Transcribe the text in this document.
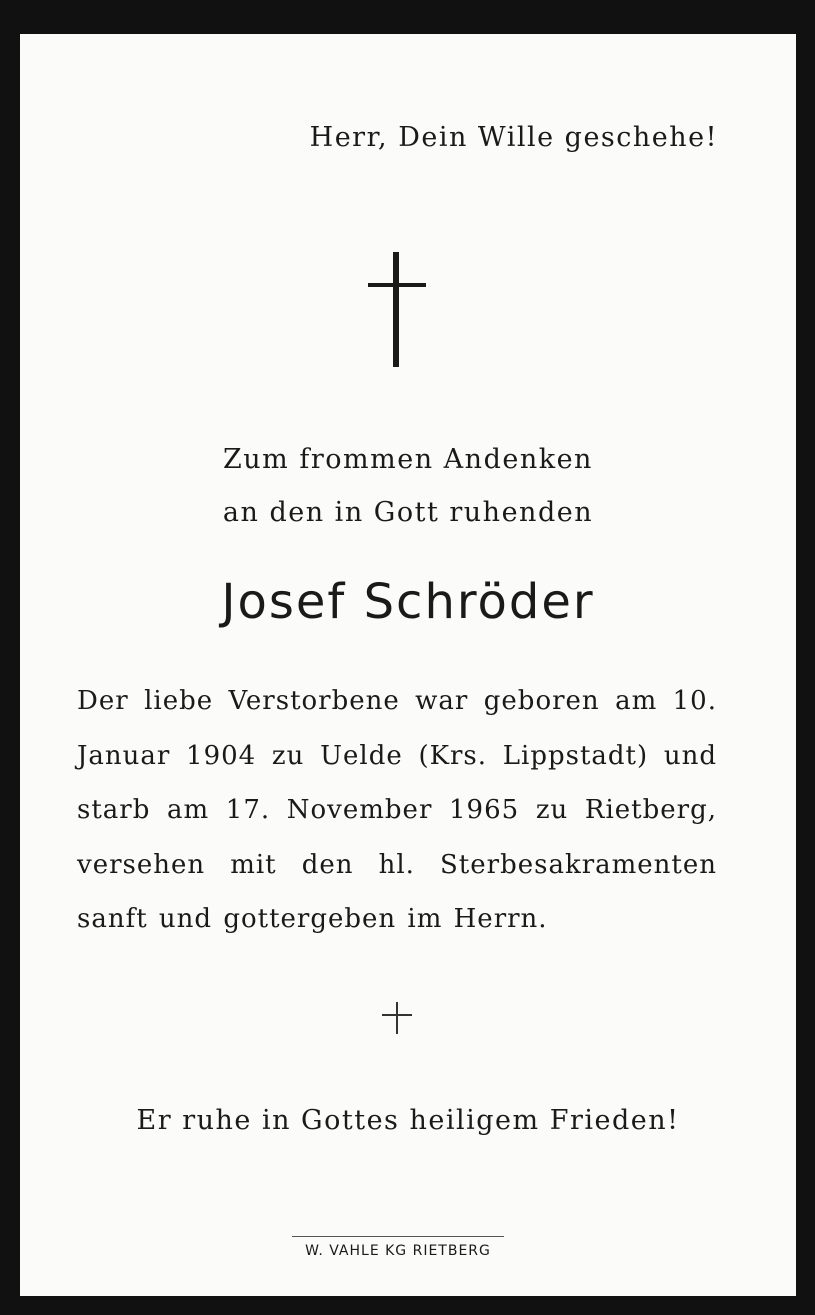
Herr, Dein Wille geschehe!
Zum frommen Andenken
an den in Gott ruhenden
Josef Schröder
Der liebe Verstorbene war geboren am 10. Januar 1904 zu Uelde (Krs. Lippstadt) und starb am 17. November 1965 zu Rietberg, versehen mit den hl. Sterbesakramenten sanft und gottergeben im Herrn.
Er ruhe in Gottes heiligem Frieden!
W. VAHLE KG RIETBERG
